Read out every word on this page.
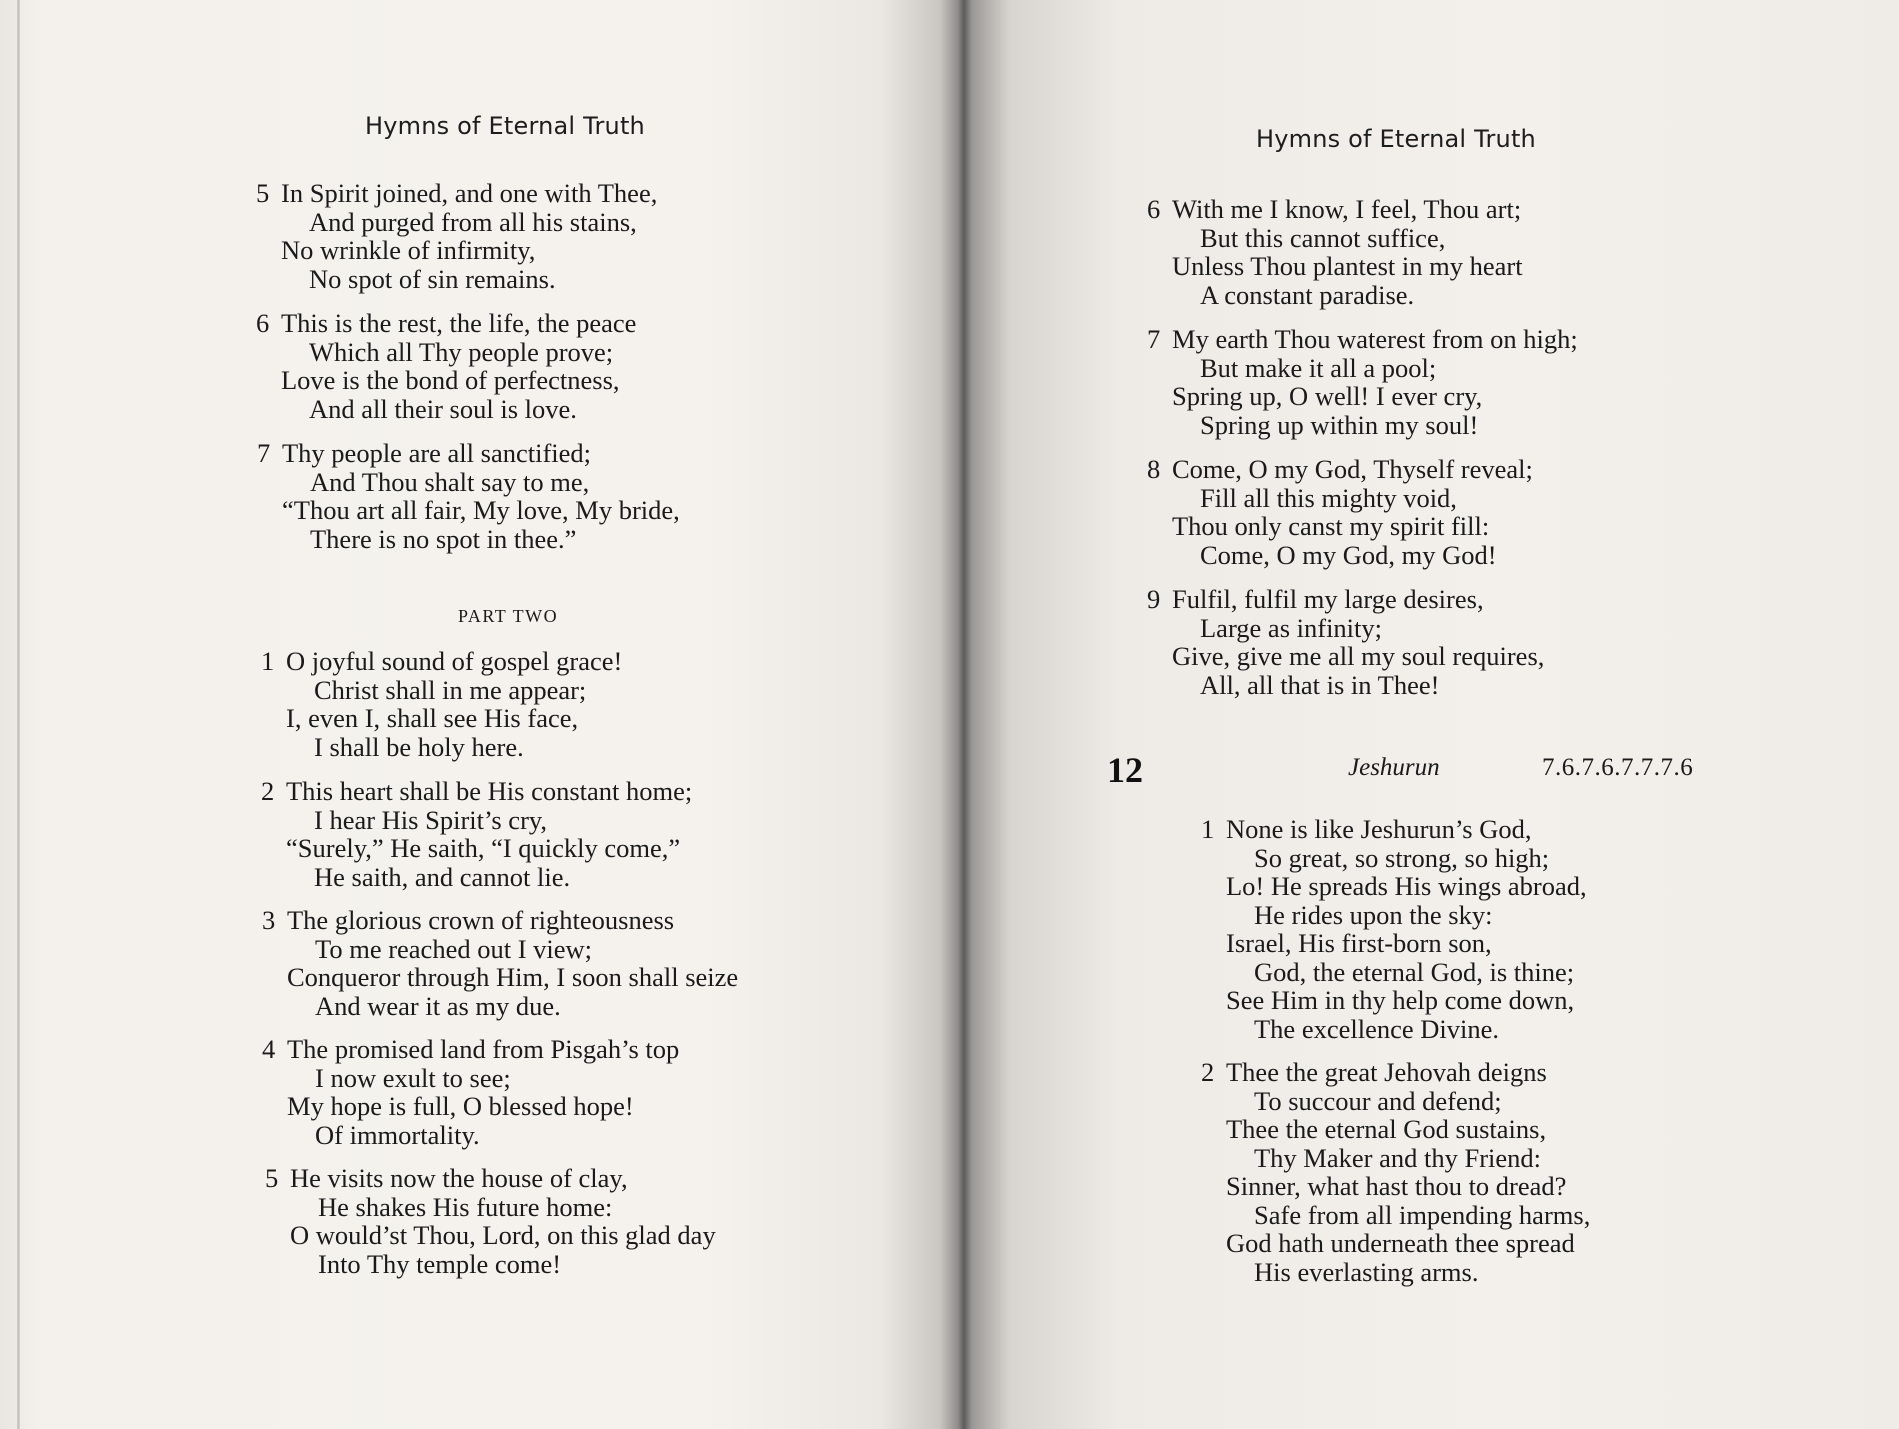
Hymns of Eternal Truth
5 In Spirit joined, and one with Thee,
And purged from all his stains,
No wrinkle of infirmity,
No spot of sin remains.
6 This is the rest, the life, the peace
Which all Thy people prove;
Love is the bond of perfectness,
And all their soul is love.
7 Thy people are all sanctified;
And Thou shalt say to me,
“Thou art all fair, My love, My bride,
There is no spot in thee.”
PART TWO
1 O joyful sound of gospel grace!
Christ shall in me appear;
I, even I, shall see His face,
I shall be holy here.
2 This heart shall be His constant home;
I hear His Spirit’s cry,
“Surely,” He saith, “I quickly come,”
He saith, and cannot lie.
3 The glorious crown of righteousness
To me reached out I view;
Conqueror through Him, I soon shall seize
And wear it as my due.
4 The promised land from Pisgah’s top
I now exult to see;
My hope is full, O blessed hope!
Of immortality.
5 He visits now the house of clay,
He shakes His future home:
O would’st Thou, Lord, on this glad day
Into Thy temple come!
Hymns of Eternal Truth
6 With me I know, I feel, Thou art;
But this cannot suffice,
Unless Thou plantest in my heart
A constant paradise.
7 My earth Thou waterest from on high;
But make it all a pool;
Spring up, O well! I ever cry,
Spring up within my soul!
8 Come, O my God, Thyself reveal;
Fill all this mighty void,
Thou only canst my spirit fill:
Come, O my God, my God!
9 Fulfil, fulfil my large desires,
Large as infinity;
Give, give me all my soul requires,
All, all that is in Thee!
12	Jeshurun	7.6.7.6.7.7.7.6
1 None is like Jeshurun’s God,
So great, so strong, so high;
Lo! He spreads His wings abroad,
He rides upon the sky:
Israel, His first-born son,
God, the eternal God, is thine;
See Him in thy help come down,
The excellence Divine.
2 Thee the great Jehovah deigns
To succour and defend;
Thee the eternal God sustains,
Thy Maker and thy Friend:
Sinner, what hast thou to dread?
Safe from all impending harms,
God hath underneath thee spread
His everlasting arms.
